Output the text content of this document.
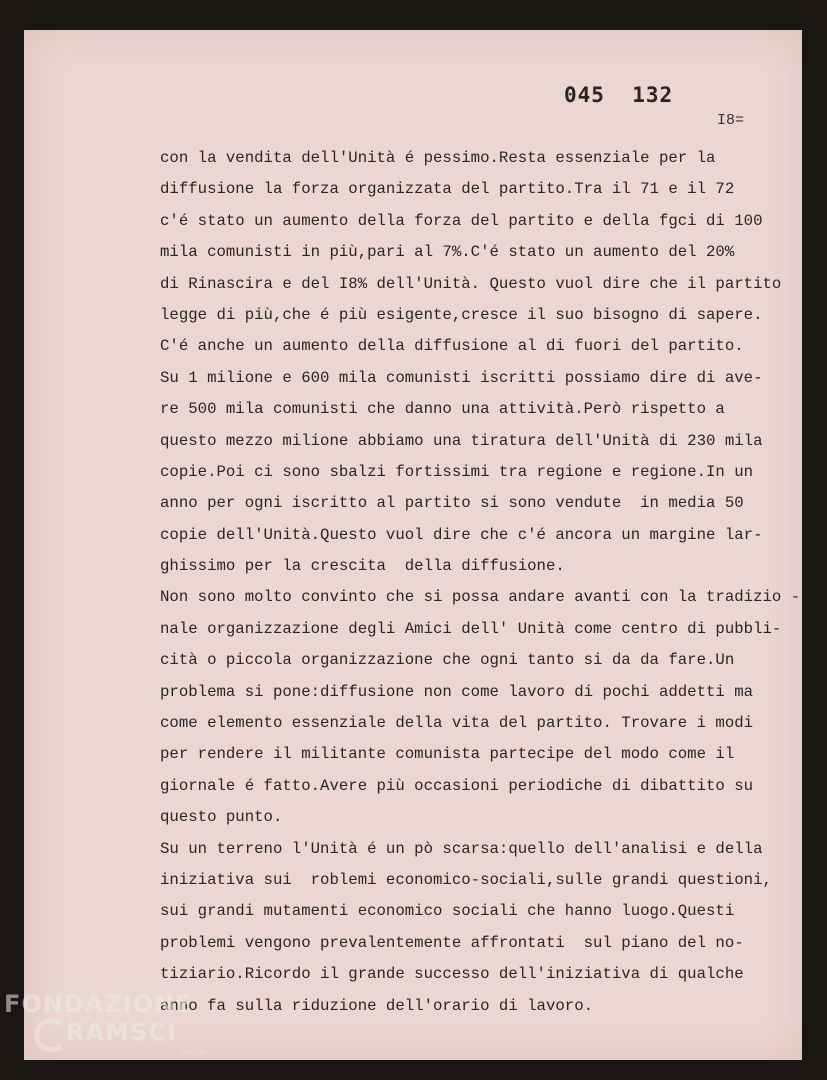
045  132
I8=
con la vendita dell'Unità é pessimo.Resta essenziale per la
diffusione la forza organizzata del partito.Tra il 71 e il 72
c'é stato un aumento della forza del partito e della fgci di 100
mila comunisti in più,pari al 7%.C'é stato un aumento del 20%
di Rinascira e del I8% dell'Unità. Questo vuol dire che il partito
legge di più,che é più esigente,cresce il suo bisogno di sapere.
C'é anche un aumento della diffusione al di fuori del partito.
Su 1 milione e 600 mila comunisti iscritti possiamo dire di ave-
re 500 mila comunisti che danno una attività.Però rispetto a
questo mezzo milione abbiamo una tiratura dell'Unità di 230 mila
copie.Poi ci sono sbalzi fortissimi tra regione e regione.In un
anno per ogni iscritto al partito si sono vendute  in media 50
copie dell'Unità.Questo vuol dire che c'é ancora un margine lar-
ghissimo per la crescita  della diffusione.
Non sono molto convinto che si possa andare avanti con la tradizio -
nale organizzazione degli Amici dell' Unità come centro di pubbli-
cità o piccola organizzazione che ogni tanto si da da fare.Un
problema si pone:diffusione non come lavoro di pochi addetti ma
come elemento essenziale della vita del partito. Trovare i modi
per rendere il militante comunista partecipe del modo come il
giornale é fatto.Avere più occasioni periodiche di dibattito su
questo punto.
Su un terreno l'Unità é un pò scarsa:quello dell'analisi e della
iniziativa sui  roblemi economico-sociali,sulle grandi questioni,
sui grandi mutamenti economico sociali che hanno luogo.Questi
problemi vengono prevalentemente affrontati  sul piano del no-
tiziario.Ricordo il grande successo dell'iniziativa di qualche
anno fa sulla riduzione dell'orario di lavoro.
FONDAZIONE
RAMSCI
onlus
